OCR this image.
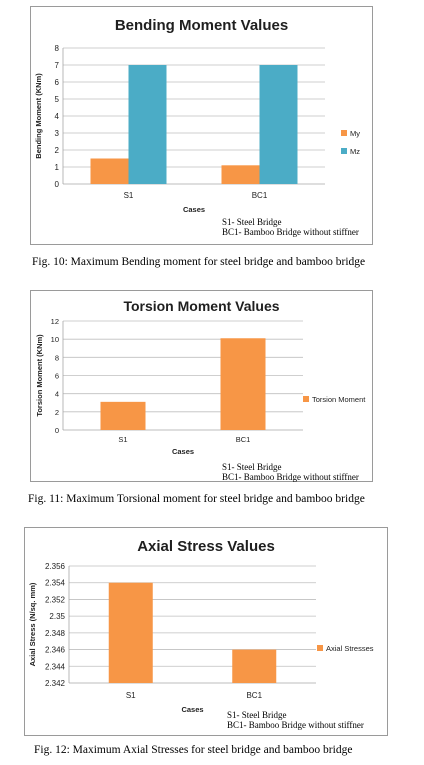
Bending Moment Values
0
1
2
3
4
5
6
7
8
S1	BC1
Cases
Bending Moment (KNm)	My
Mz
S1- Steel Bridge
BC1- Bamboo Bridge without stiffner
Fig. 10: Maximum Bending moment for steel bridge and bamboo bridge
Torsion Moment Values
0
2
4
6
8
10
12
S1	BC1
Cases
Torsion Moment (KNm)	Torsion Moment
S1- Steel Bridge
BC1- Bamboo Bridge without stiffner
Fig. 11: Maximum Torsional moment for steel bridge and bamboo bridge
Axial Stress Values
2.342
2.344
2.346
2.348
2.35
2.352
2.354
2.356
S1	BC1
Cases
Axial Stress (N/sq. mm)	Axial Stresses
S1- Steel Bridge
BC1- Bamboo Bridge without stiffner
Fig. 12: Maximum Axial Stresses for steel bridge and bamboo bridge
